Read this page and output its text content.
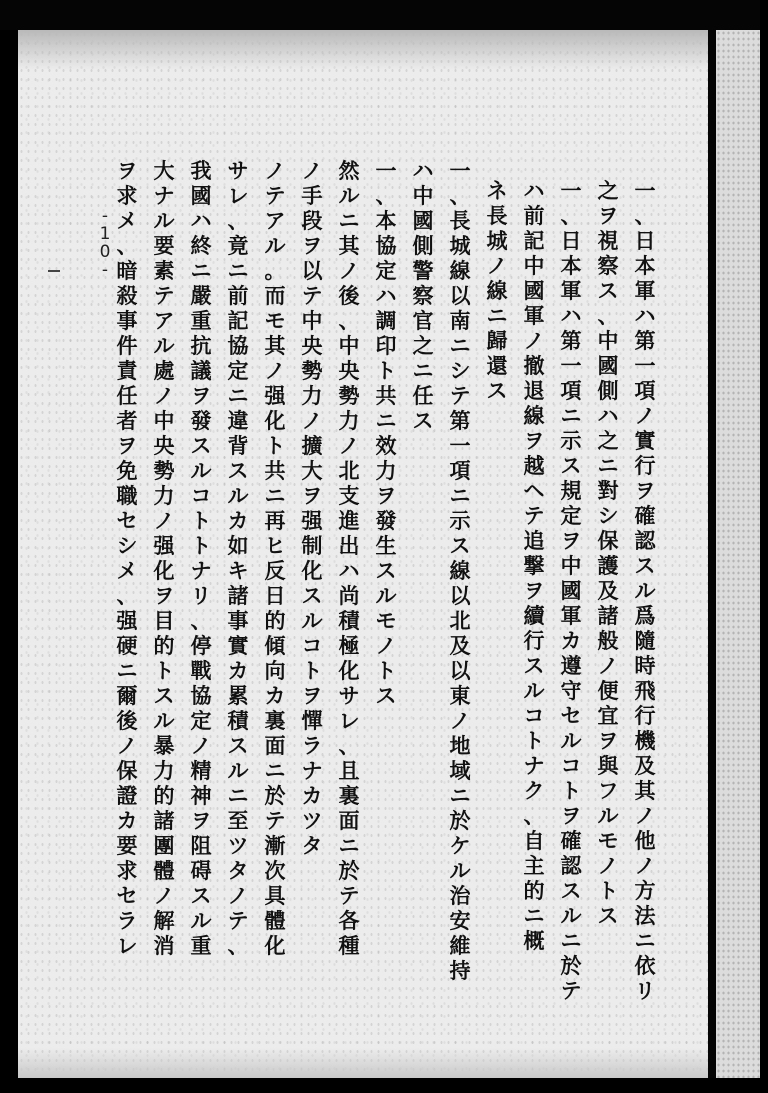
-10-
一
、
日
本
軍
ハ
第
一
項
ノ
實
行
ヲ
確
認
ス
ル
爲
隨
時
飛
行
機
及
其
ノ
他
ノ
方
法
ニ
依
リ
之
ヲ
視
察
ス
、
中
國
側
ハ
之
ニ
對
シ
保
護
及
諸
般
ノ
便
宜
ヲ
與
フ
ル
モ
ノ
ト
ス
一
、
日
本
軍
ハ
第
一
項
ニ
示
ス
規
定
ヲ
中
國
軍
カ
遵
守
セ
ル
コ
ト
ヲ
確
認
ス
ル
ニ
於
テ
ハ
前
記
中
國
軍
ノ
撤
退
線
ヲ
越
ヘ
テ
追
撃
ヲ
續
行
ス
ル
コ
ト
ナ
ク
、
自
主
的
ニ
概
ネ
長
城
ノ
線
ニ
歸
還
ス
一
、
長
城
線
以
南
ニ
シ
テ
第
一
項
ニ
示
ス
線
以
北
及
以
東
ノ
地
域
ニ
於
ケ
ル
治
安
維
持
ハ
中
國
側
警
察
官
之
ニ
任
ス
一
、
本
協
定
ハ
調
印
ト
共
ニ
效
力
ヲ
發
生
ス
ル
モ
ノ
ト
ス
然
ル
ニ
其
ノ
後
、
中
央
勢
力
ノ
北
支
進
出
ハ
尚
積
極
化
サ
レ
、
且
裏
面
ニ
於
テ
各
種
ノ
手
段
ヲ
以
テ
中
央
勢
力
ノ
擴
大
ヲ
强
制
化
ス
ル
コ
ト
ヲ
憚
ラ
ナ
カ
ツ
タ
ノ
テ
ア
ル
。
而
モ
其
ノ
强
化
ト
共
ニ
再
ヒ
反
日
的
傾
向
カ
裏
面
ニ
於
テ
漸
次
具
體
化
サ
レ
、
竟
ニ
前
記
協
定
ニ
違
背
ス
ル
カ
如
キ
諸
事
實
カ
累
積
ス
ル
ニ
至
ツ
タ
ノ
テ
、
我
國
ハ
終
ニ
嚴
重
抗
議
ヲ
發
ス
ル
コ
ト
ト
ナ
リ
、
停
戰
協
定
ノ
精
神
ヲ
阻
碍
ス
ル
重
大
ナ
ル
要
素
テ
ア
ル
處
ノ
中
央
勢
力
ノ
强
化
ヲ
目
的
ト
ス
ル
暴
力
的
諸
團
體
ノ
解
消
ヲ
求
メ
、
暗
殺
事
件
責
任
者
ヲ
免
職
セ
シ
メ
、
强
硬
ニ
爾
後
ノ
保
證
カ
要
求
セ
ラ
レ
